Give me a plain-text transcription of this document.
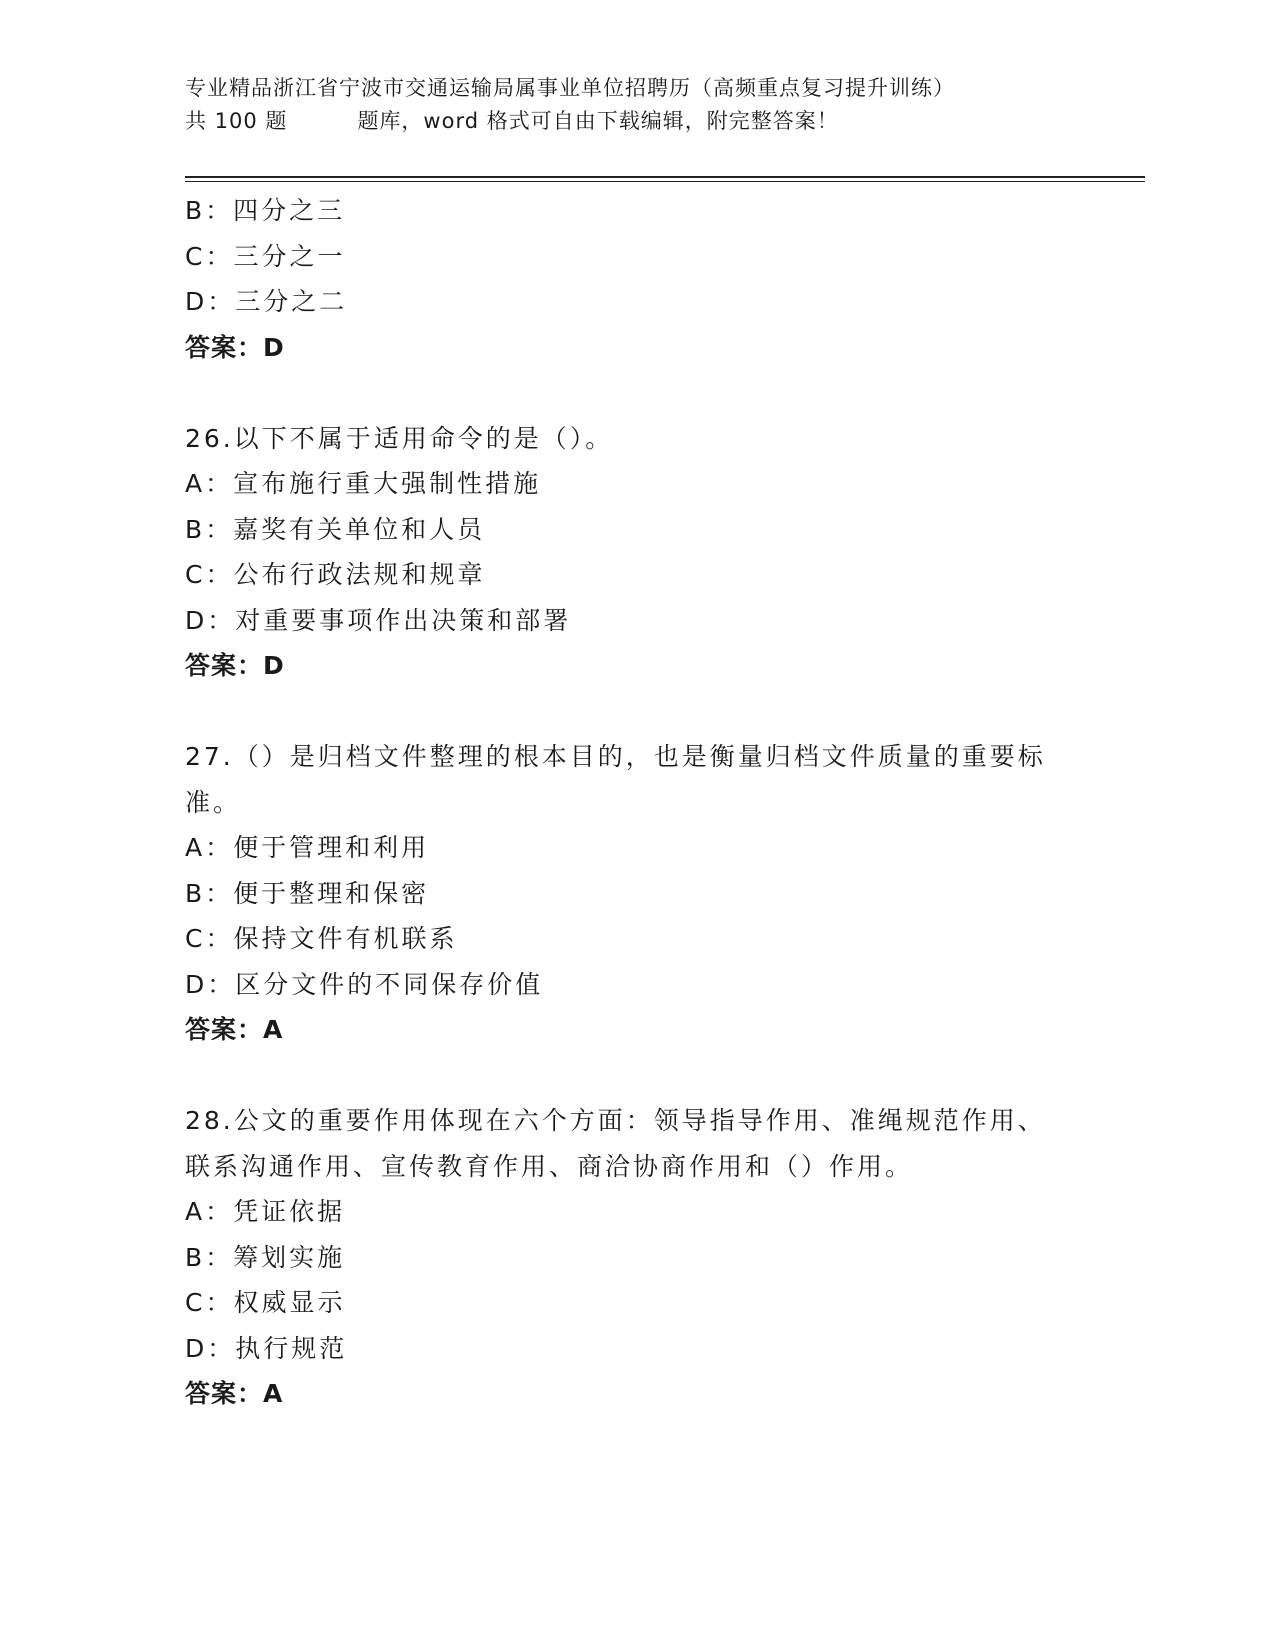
专业精品浙江省宁波市交通运输局属事业单位招聘历（高频重点复习提升训练）
共 100 题	题库，word 格式可自由下载编辑，附完整答案！
B：四分之三
C：三分之一
D：三分之二
答案：D
26.以下不属于适用命令的是（）。
A：宣布施行重大强制性措施
B：嘉奖有关单位和人员
C：公布行政法规和规章
D：对重要事项作出决策和部署
答案：D
27.（）是归档文件整理的根本目的，也是衡量归档文件质量的重要标准。
A：便于管理和利用
B：便于整理和保密
C：保持文件有机联系
D：区分文件的不同保存价值
答案：A
28.公文的重要作用体现在六个方面：领导指导作用、准绳规范作用、联系沟通作用、宣传教育作用、商洽协商作用和（）作用。
A：凭证依据
B：筹划实施
C：权威显示
D：执行规范
答案：A
